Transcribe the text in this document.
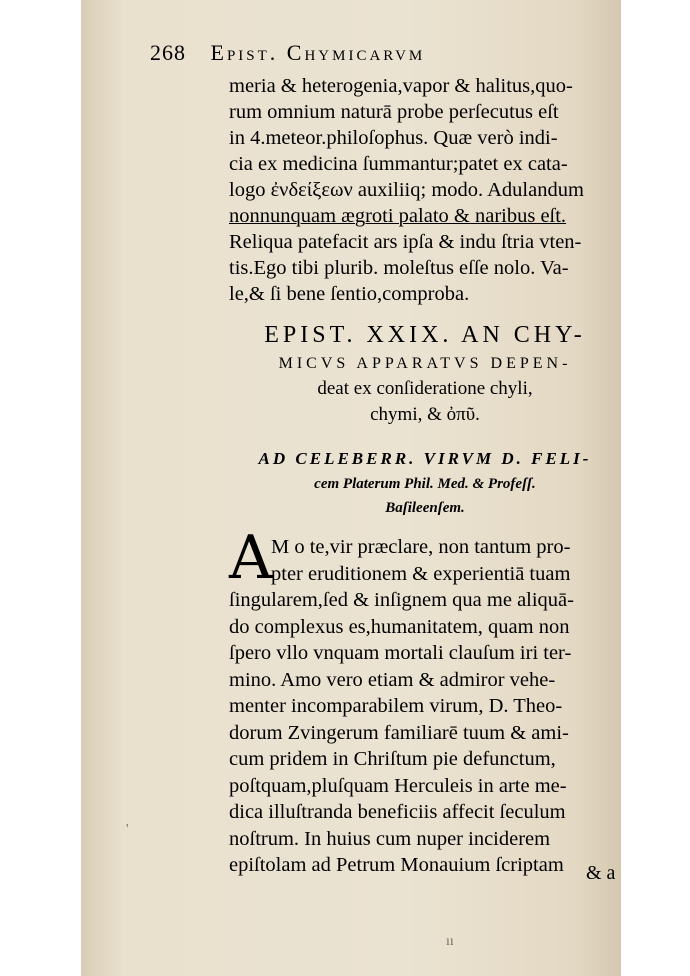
268 Epist. Chymicarvm
meria & heterogenia,vapor & halitus,quo-
rum omnium naturā probe perſecutus eſt
in 4.meteor.philoſophus. Quæ verò indi-
cia ex medicina ſummantur;patet ex cata-
logo ἐνδείξεων auxiliiq; modo. Adulandum
nonnunquam ægroti palato & naribus eſt.
Reliqua patefacit ars ipſa & indu ſtria vten-
tis.Ego tibi plurib. moleſtus eſſe nolo. Va-
le,& ſi bene ſentio,comproba.
EPIST. XXIX. AN CHY-
MICVS APPARATVS DEPEN-
deat ex conſideratione chyli,
chymi, & ὀπῦ.
AD CELEBERR. VIRVM D. FELI-
cem Platerum Phil. Med. & Profeſſ.
Baſileenſem.
A
M o te,vir præclare, non tantum pro-
pter eruditionem & experientiā tuam
ſingularem,ſed & inſignem qua me aliquā-
do complexus es,humanitatem, quam non
ſpero vllo vnquam mortali clauſum iri ter-
mino. Amo vero etiam & admiror vehe-
menter incomparabilem virum, D. Theo-
dorum Zvingerum familiarē tuum & ami-
cum pridem in Chriſtum pie defunctum,
poſtquam,pluſquam Herculeis in arte me-
dica illuſtranda beneficiis affecit ſeculum
noſtrum. In huius cum nuper inciderem
epiſtolam ad Petrum Monauium ſcriptam	& a
'
ıı
